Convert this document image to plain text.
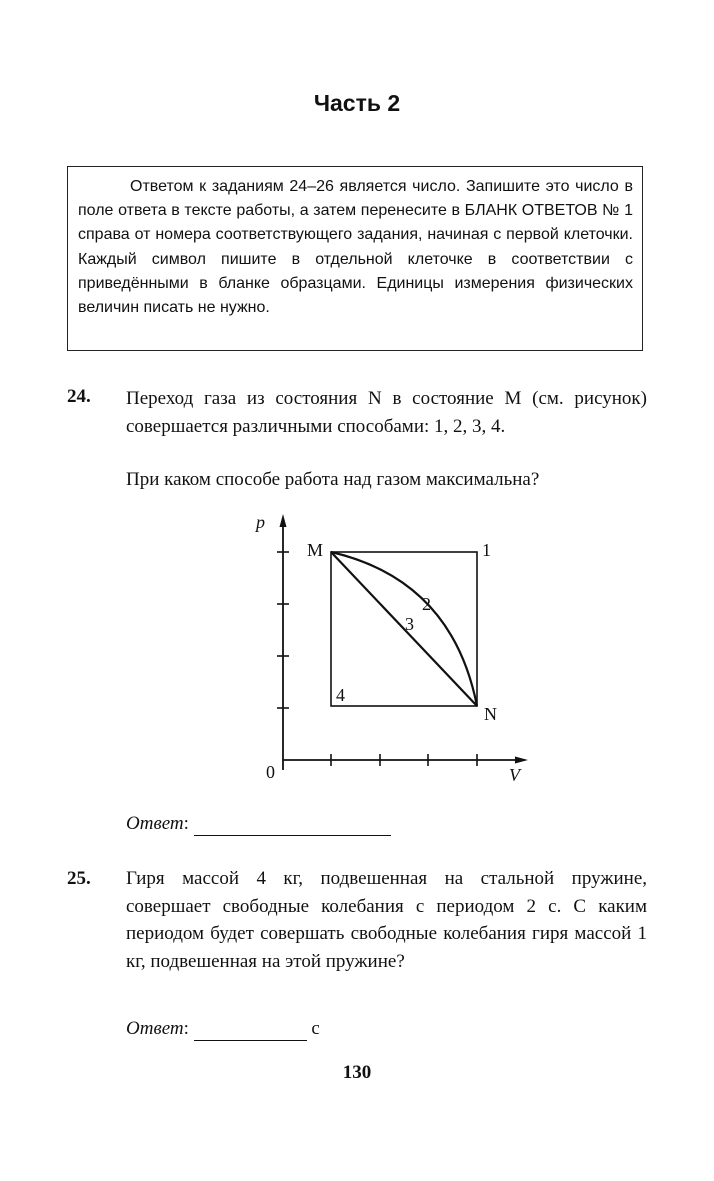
Часть 2

Ответом к заданиям 24–26 является число. Запишите это число в поле ответа в тексте работы, а затем перенесите в БЛАНК ОТВЕТОВ № 1 справа от номера соответствующего задания, начиная с первой клеточки. Каждый символ пишите в отдельной клеточке в соответствии с приведёнными в бланке образцами. Единицы измерения физических величин писать не нужно.

24. Переход газа из состояния N в состояние M (см. рисунок) совершается различными способами: 1, 2, 3, 4.

При каком способе работа над газом максимальна?
p
V
0
M	1
2
3
4
N
Ответ:
25. Гиря массой 4 кг, подвешенная на стальной пружине, совершает свободные колебания с периодом 2 с. С каким периодом будет совершать свободные колебания гиря массой 1 кг, подвешенная на этой пружине?

Ответ:	с
130
